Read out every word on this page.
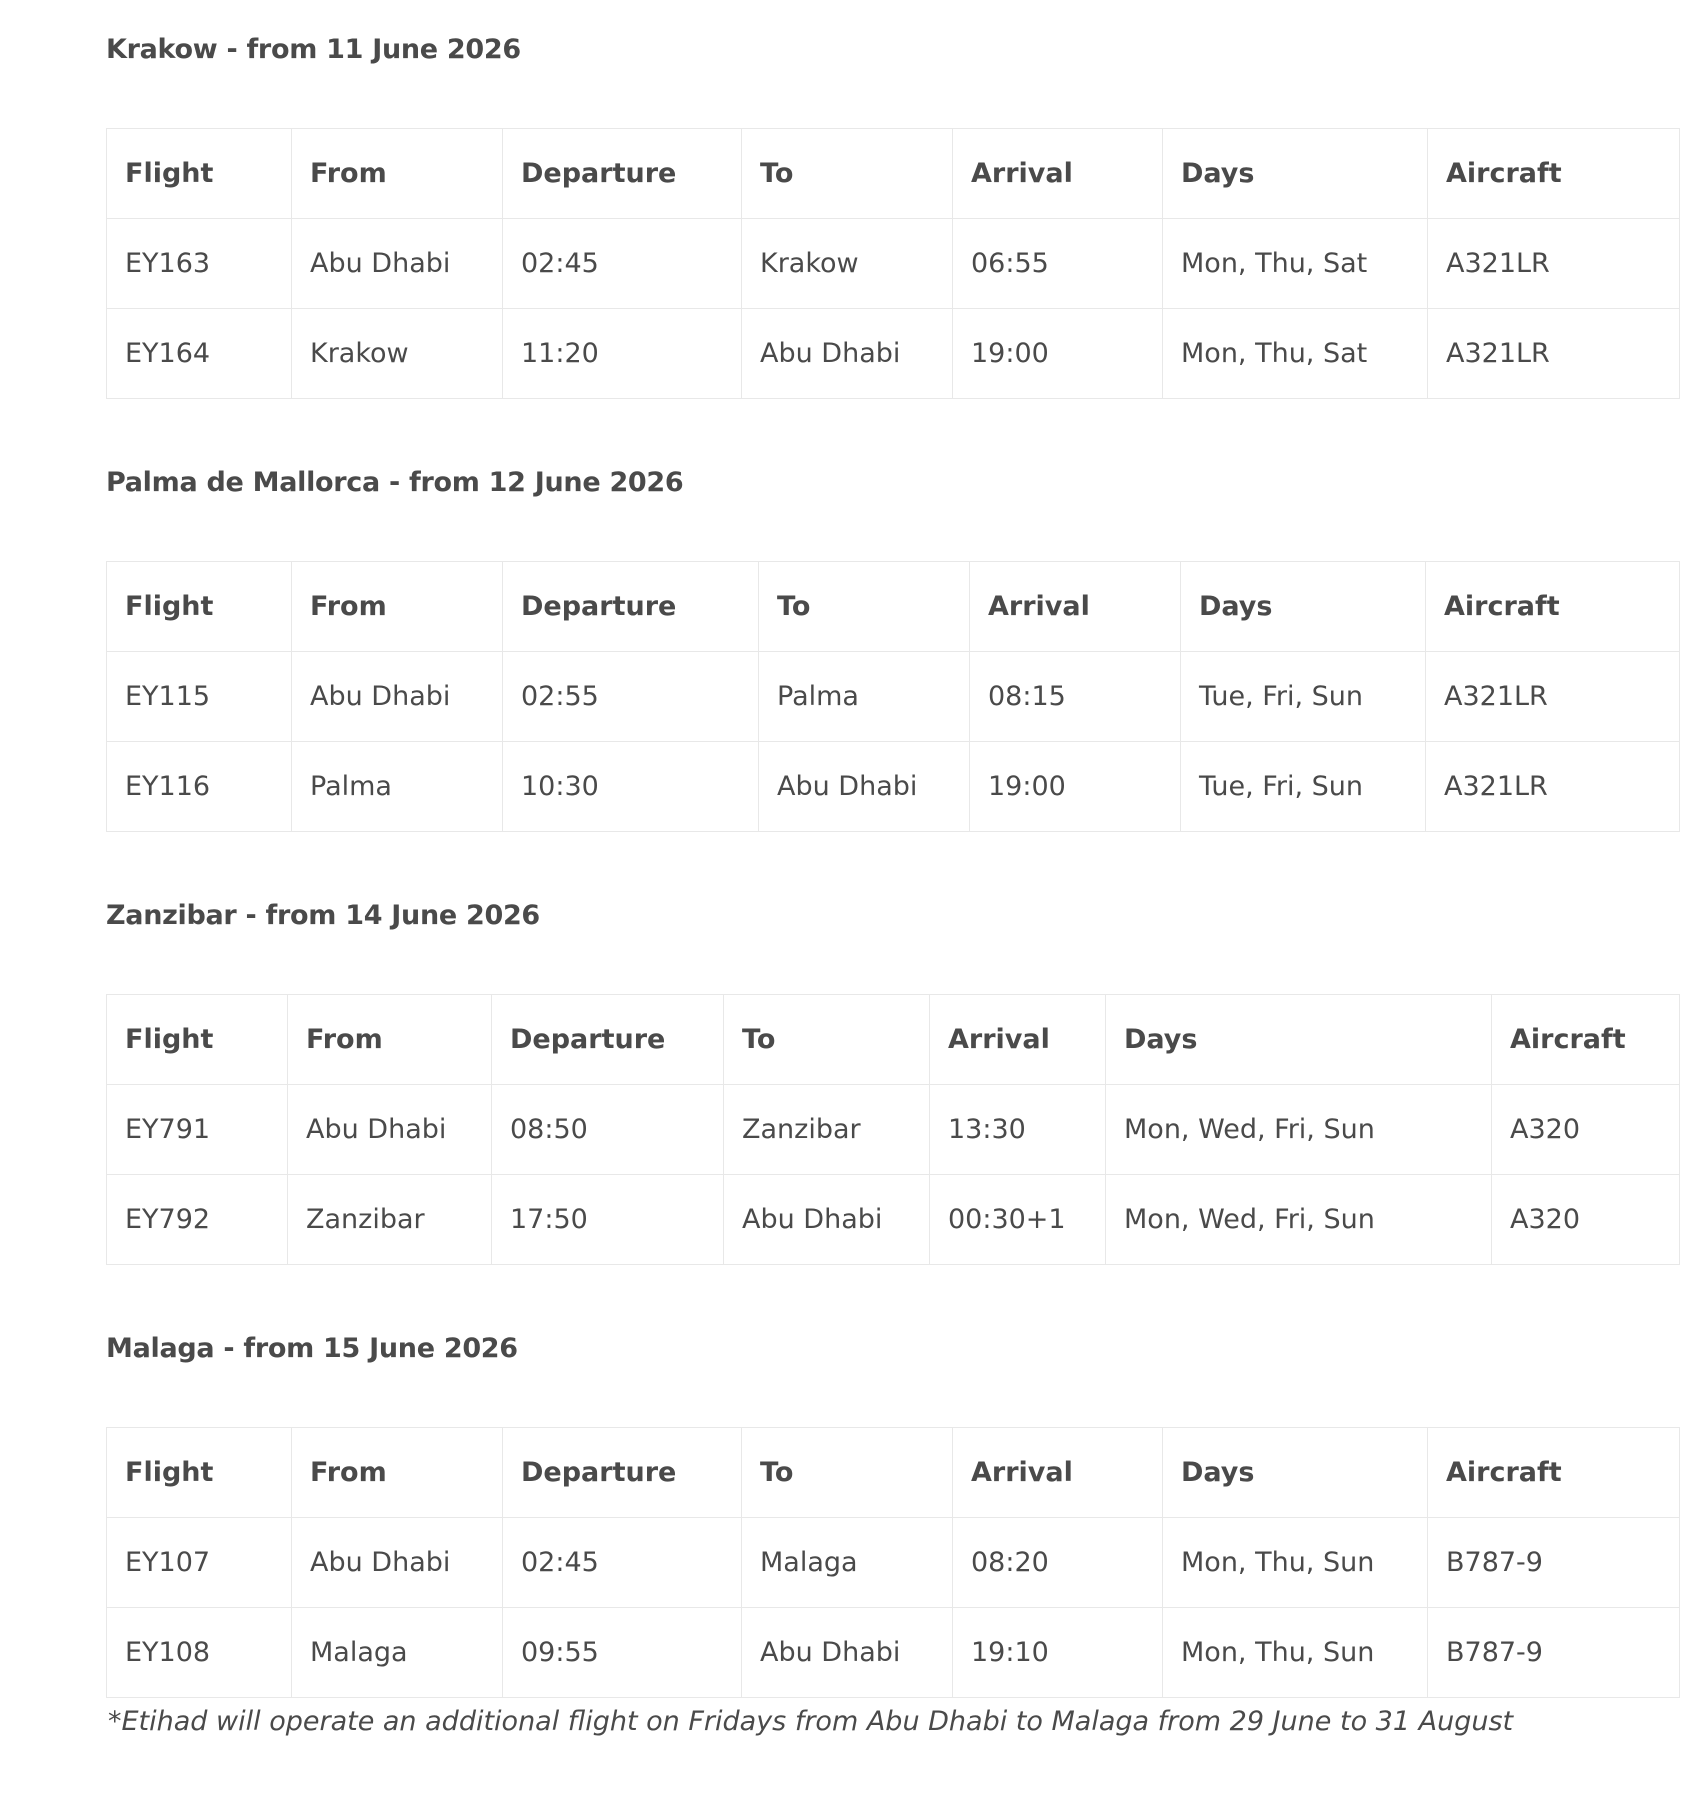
Krakow - from 11 June 2026
Flight	From	Departure	To	Arrival	Days	Aircraft
EY163	Abu Dhabi	02:45	Krakow	06:55	Mon, Thu, Sat	A321LR
EY164	Krakow	11:20	Abu Dhabi	19:00	Mon, Thu, Sat	A321LR
Palma de Mallorca - from 12 June 2026
Flight	From	Departure	To	Arrival	Days	Aircraft
EY115	Abu Dhabi	02:55	Palma	08:15	Tue, Fri, Sun	A321LR
EY116	Palma	10:30	Abu Dhabi	19:00	Tue, Fri, Sun	A321LR
Zanzibar - from 14 June 2026
Flight	From	Departure	To	Arrival	Days	Aircraft
EY791	Abu Dhabi	08:50	Zanzibar	13:30	Mon, Wed, Fri, Sun	A320
EY792	Zanzibar	17:50	Abu Dhabi	00:30+1	Mon, Wed, Fri, Sun	A320
Malaga - from 15 June 2026
Flight	From	Departure	To	Arrival	Days	Aircraft
EY107	Abu Dhabi	02:45	Malaga	08:20	Mon, Thu, Sun	B787-9
EY108	Malaga	09:55	Abu Dhabi	19:10	Mon, Thu, Sun	B787-9
*Etihad will operate an additional flight on Fridays from Abu Dhabi to Malaga from 29 June to 31 August
